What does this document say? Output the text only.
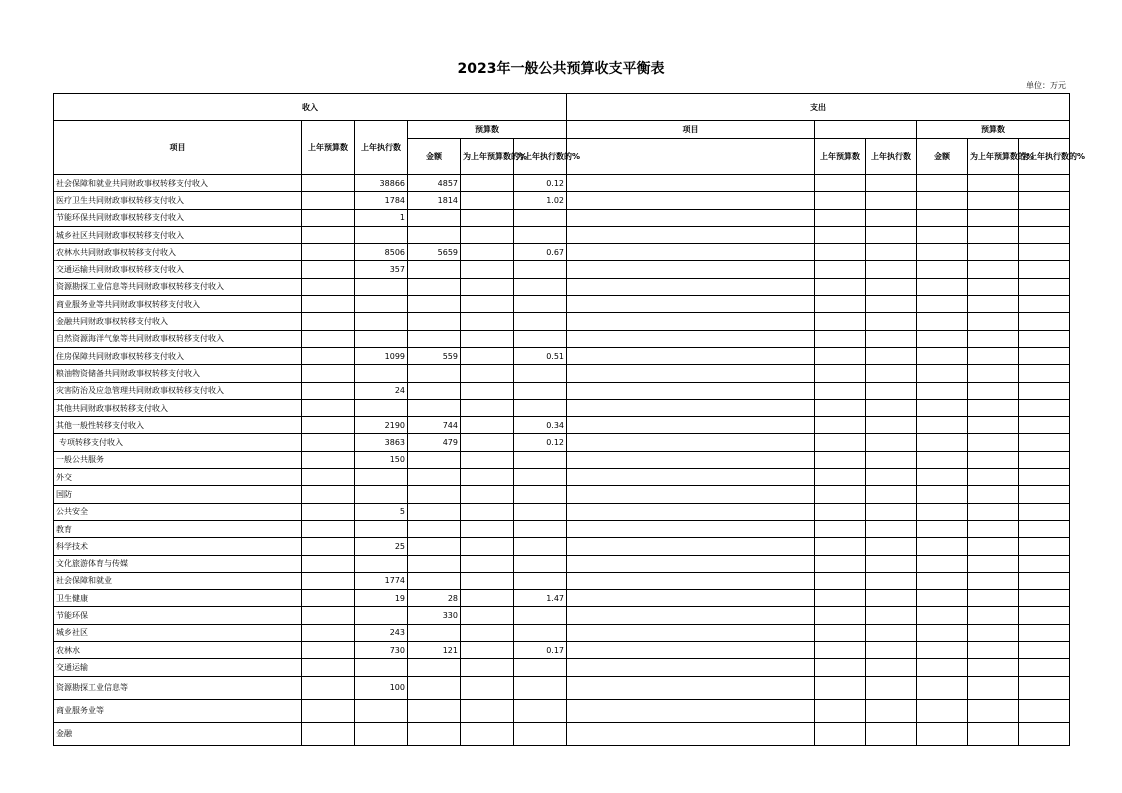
2023年一般公共预算收支平衡表
单位：万元
收入						支出					
项目	上年预算数	上年执行数	预算数			项目			预算数		
			金额	为上年预算数的%	为上年执行数的%		上年预算数	上年执行数	金额	为上年预算数的%	为上年执行数的%
社会保障和就业共同财政事权转移支付收入		38866	4857		0.12						
医疗卫生共同财政事权转移支付收入		1784	1814		1.02						
节能环保共同财政事权转移支付收入		1									
城乡社区共同财政事权转移支付收入											
农林水共同财政事权转移支付收入		8506	5659		0.67						
交通运输共同财政事权转移支付收入		357									
资源勘探工业信息等共同财政事权转移支付收入											
商业服务业等共同财政事权转移支付收入											
金融共同财政事权转移支付收入											
自然资源海洋气象等共同财政事权转移支付收入											
住房保障共同财政事权转移支付收入		1099	559		0.51						
粮油物资储备共同财政事权转移支付收入											
灾害防治及应急管理共同财政事权转移支付收入		24									
其他共同财政事权转移支付收入											
其他一般性转移支付收入		2190	744		0.34						
专项转移支付收入		3863	479		0.12						
一般公共服务		150									
外交											
国防											
公共安全		5									
教育											
科学技术		25									
文化旅游体育与传媒											
社会保障和就业		1774									
卫生健康		19	28		1.47						
节能环保			330								
城乡社区		243									
农林水		730	121		0.17						
交通运输											
资源勘探工业信息等		100									
商业服务业等											
金融											
